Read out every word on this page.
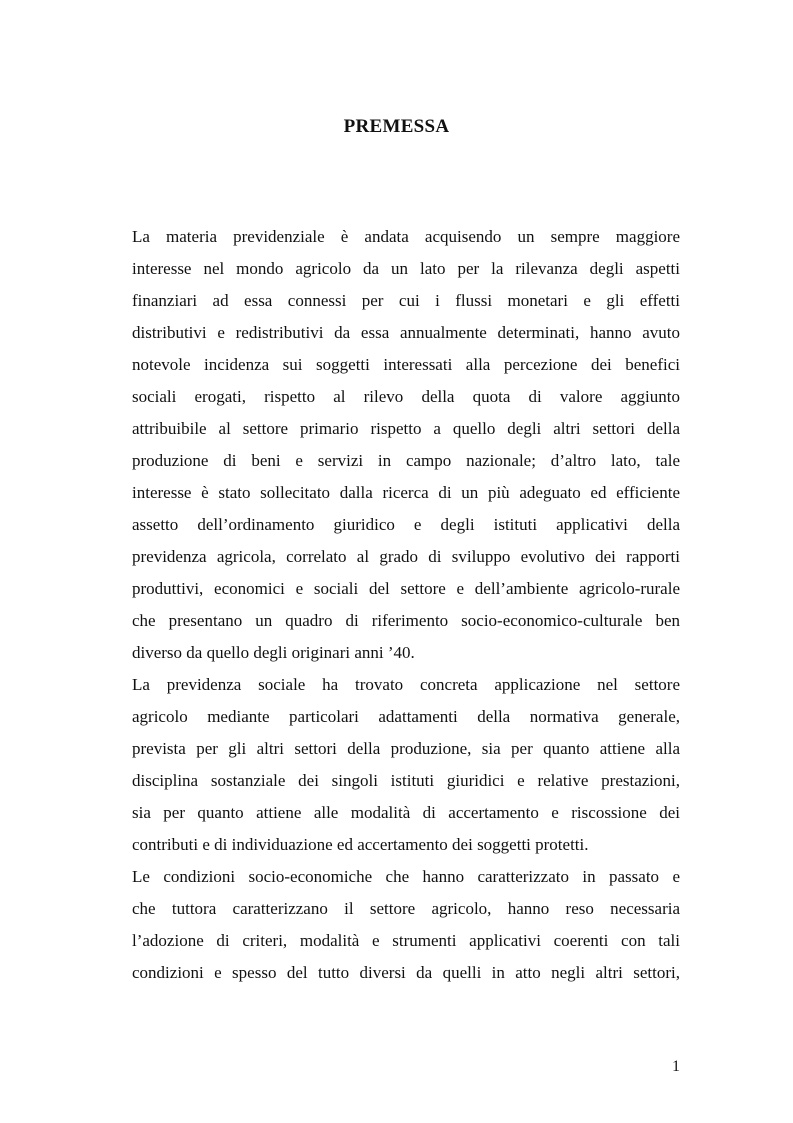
PREMESSA
La materia previdenziale è andata acquisendo un sempre maggiore
interesse nel mondo agricolo da un lato per la rilevanza degli aspetti
finanziari ad essa connessi per cui i flussi monetari e gli effetti
distributivi e redistributivi da essa annualmente determinati, hanno avuto
notevole incidenza sui soggetti interessati alla percezione dei benefici
sociali erogati, rispetto al rilevo della quota di valore aggiunto
attribuibile al settore primario rispetto a quello degli altri settori della
produzione di beni e servizi in campo nazionale; d’altro lato, tale
interesse è stato sollecitato dalla ricerca di un più adeguato ed efficiente
assetto dell’ordinamento giuridico e degli istituti applicativi della
previdenza agricola, correlato al grado di sviluppo evolutivo dei rapporti
produttivi, economici e sociali del settore e dell’ambiente agricolo-rurale
che presentano un quadro di riferimento socio-economico-culturale ben
diverso da quello degli originari anni ’40.
La previdenza sociale ha trovato concreta applicazione nel settore
agricolo mediante particolari adattamenti della normativa generale,
prevista per gli altri settori della produzione, sia per quanto attiene alla
disciplina sostanziale dei singoli istituti giuridici e relative prestazioni,
sia per quanto attiene alle modalità di accertamento e riscossione dei
contributi e di individuazione ed accertamento dei soggetti protetti.
Le condizioni socio-economiche che hanno caratterizzato in passato e
che tuttora caratterizzano il settore agricolo, hanno reso necessaria
l’adozione di criteri, modalità e strumenti applicativi coerenti con tali
condizioni e spesso del tutto diversi da quelli in atto negli altri settori,
1
